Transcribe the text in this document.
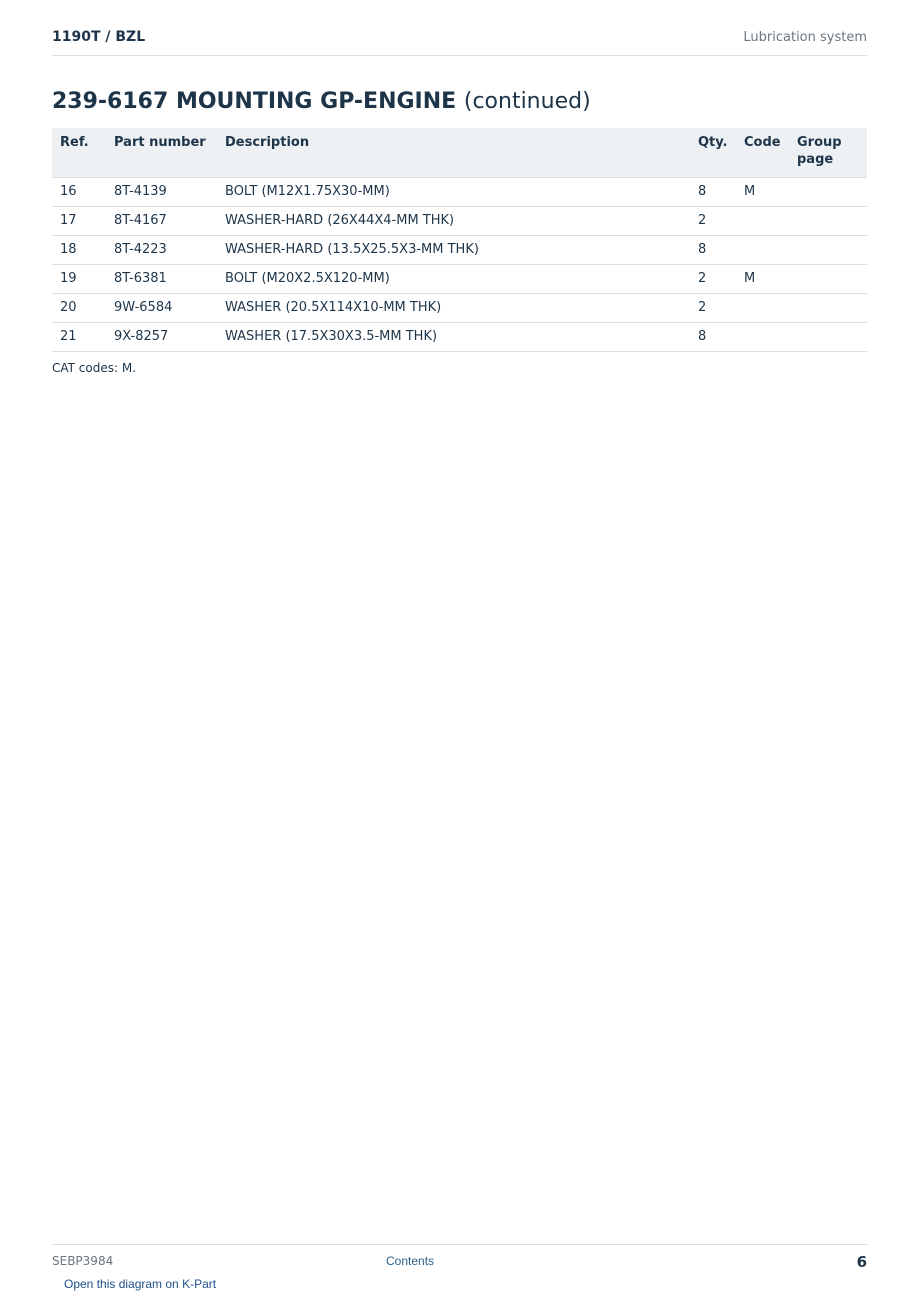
1190T / BZL	Lubrication system
239-6167 MOUNTING GP-ENGINE (continued)
Ref.	Part number	Description	Qty.	Code	Group page
16	8T-4139	BOLT (M12X1.75X30-MM)	8	M	
17	8T-4167	WASHER-HARD (26X44X4-MM THK)	2		
18	8T-4223	WASHER-HARD (13.5X25.5X3-MM THK)	8		
19	8T-6381	BOLT (M20X2.5X120-MM)	2	M	
20	9W-6584	WASHER (20.5X114X10-MM THK)	2		
21	9X-8257	WASHER (17.5X30X3.5-MM THK)	8		
CAT codes: M.
SEBP3984	Contents	6
Open this diagram on K-Part
